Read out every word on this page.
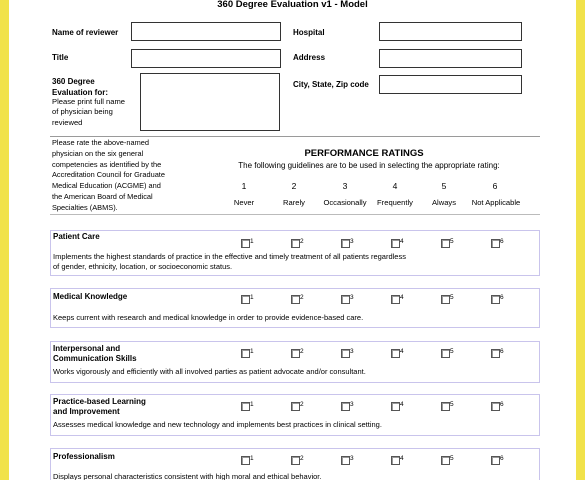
360 Degree Evaluation v1 - Model
Name of reviewer	Hospital
Title	Address
360 Degree
Evaluation for:
Please print full name
of physician being
reviewed
City, State, Zip code
Please rate the above-named
physician on the six general
competencies as identified by the
Accreditation Council for Graduate
Medical Education (ACGME) and
the American Board of Medical
Specialties (ABMS).
PERFORMANCE RATINGS
The following guidelines are to be used in selecting the appropriate rating:
1	2	3	4	5	6
Never	Rarely	Occasionally	Frequently	Always	Not Applicable
Patient Care
Implements the highest standards of practice in the effective and timely treatment of all patients regardless
of gender, ethnicity, location, or socioeconomic status.
1	2	3	4	5	6
Medical Knowledge
Keeps current with research and medical knowledge in order to provide evidence-based care.
1	2	3	4	5	6
Interpersonal and
Communication Skills
Works vigorously and efficiently with all involved parties as patient advocate and/or consultant.
1	2	3	4	5	6
Practice-based Learning
and Improvement
Assesses medical knowledge and new technology and implements best practices in clinical setting.
1	2	3	4	5	6
Professionalism
Displays personal characteristics consistent with high moral and ethical behavior.
1	2	3	4	5	6
